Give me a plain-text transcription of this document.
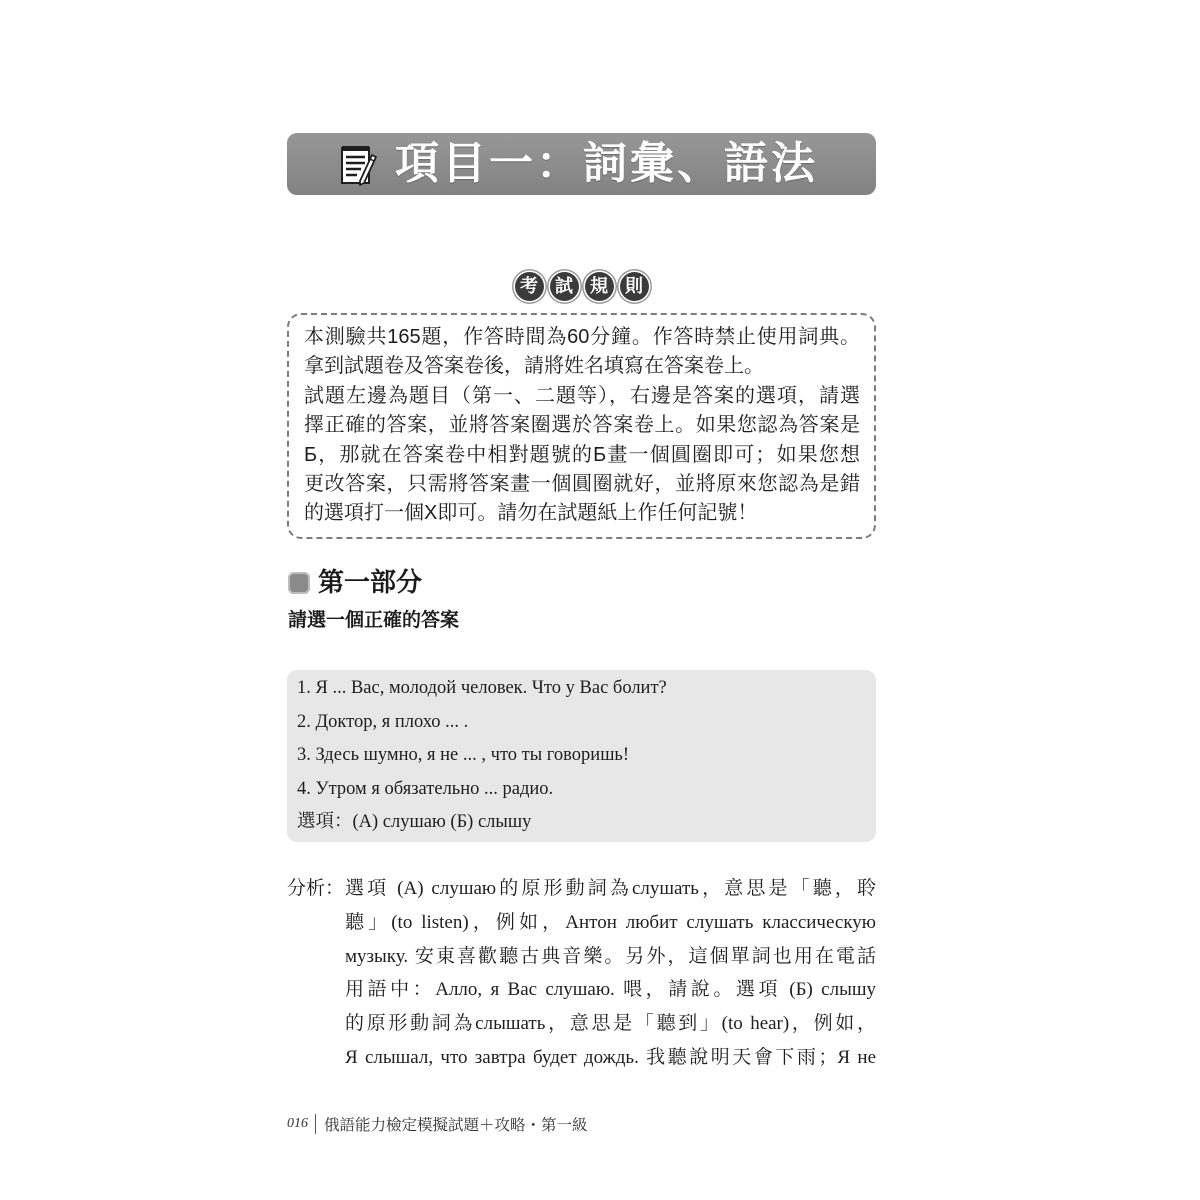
項目一：詞彙、語法
考 試 規 則
本測驗共165題，作答時間為60分鐘。作答時禁止使用詞典。
拿到試題卷及答案卷後，請將姓名填寫在答案卷上。
試題左邊為題目（第一、二題等），右邊是答案的選項，請選
擇正確的答案，並將答案圈選於答案卷上。如果您認為答案是
Б，那就在答案卷中相對題號的Б畫一個圓圈即可；如果您想
更改答案，只需將答案畫一個圓圈就好，並將原來您認為是錯
的選項打一個X即可。請勿在試題紙上作任何記號！
第一部分
請選一個正確的答案
1. Я ... Вас, молодой человек. Что у Вас болит?
2. Доктор, я плохо ... .
3. Здесь шумно, я не ... , что ты говоришь!
4. Утром я обязательно ... радио.
選項：(А) слушаю (Б) слышу
分析： 選項 (А) слушаю的原形動詞為слушать，意思是「聽，聆
聽」(to listen)，例如，Антон любит слушать классическую
музыку. 安東喜歡聽古典音樂。另外，這個單詞也用在電話
用語中：Алло, я Вас слушаю. 喂，請說。選項 (Б) слышу
的原形動詞為слышать，意思是「聽到」(to hear)，例如，
Я слышал, что завтра будет дождь. 我聽說明天會下雨；Я не
016 俄語能力檢定模擬試題＋攻略・第一級
